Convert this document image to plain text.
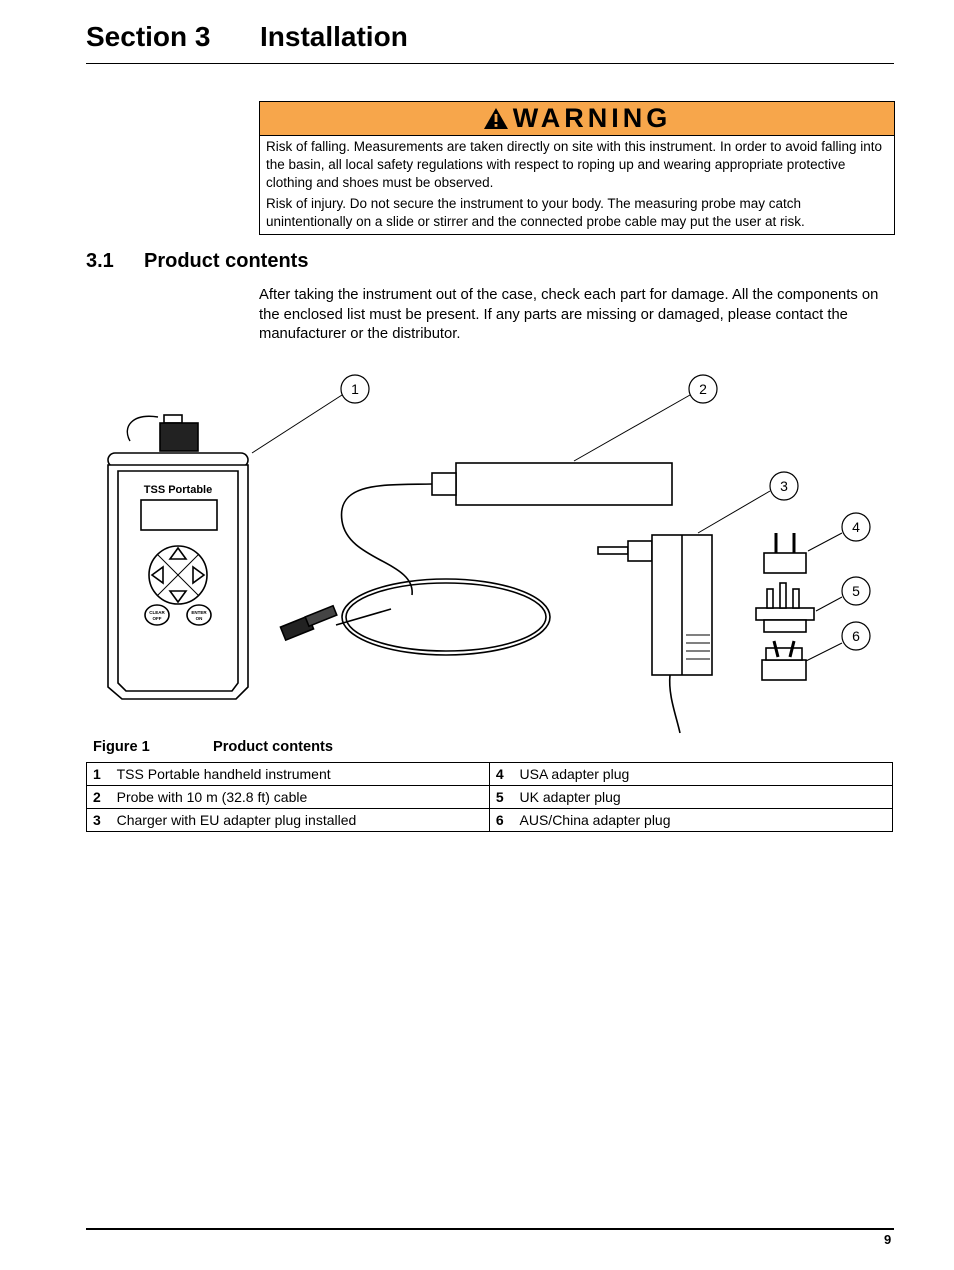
Section 3 Installation
WARNING

Risk of falling. Measurements are taken directly on site with this instrument. In order to avoid falling into the basin, all local safety regulations with respect to roping up and wearing appropriate protective clothing and shoes must be observed.

Risk of injury. Do not secure the instrument to your body. The measuring probe may catch unintentionally on a slide or stirrer and the connected probe cable may put the user at risk.

3.1 Product contents

After taking the instrument out of the case, check each part for damage. All the components on the enclosed list must be present. If any parts are missing or damaged, please contact the manufacturer or the distributor.

1	2
3
4
5
6
TSS Portable
CLEAR
OFF
ENTER
ON
Figure 1	Product contents
1	TSS Portable handheld instrument	4	USA adapter plug
2	Probe with 10 m (32.8 ft) cable	5	UK adapter plug
3	Charger with EU adapter plug installed	6	AUS/China adapter plug
9
